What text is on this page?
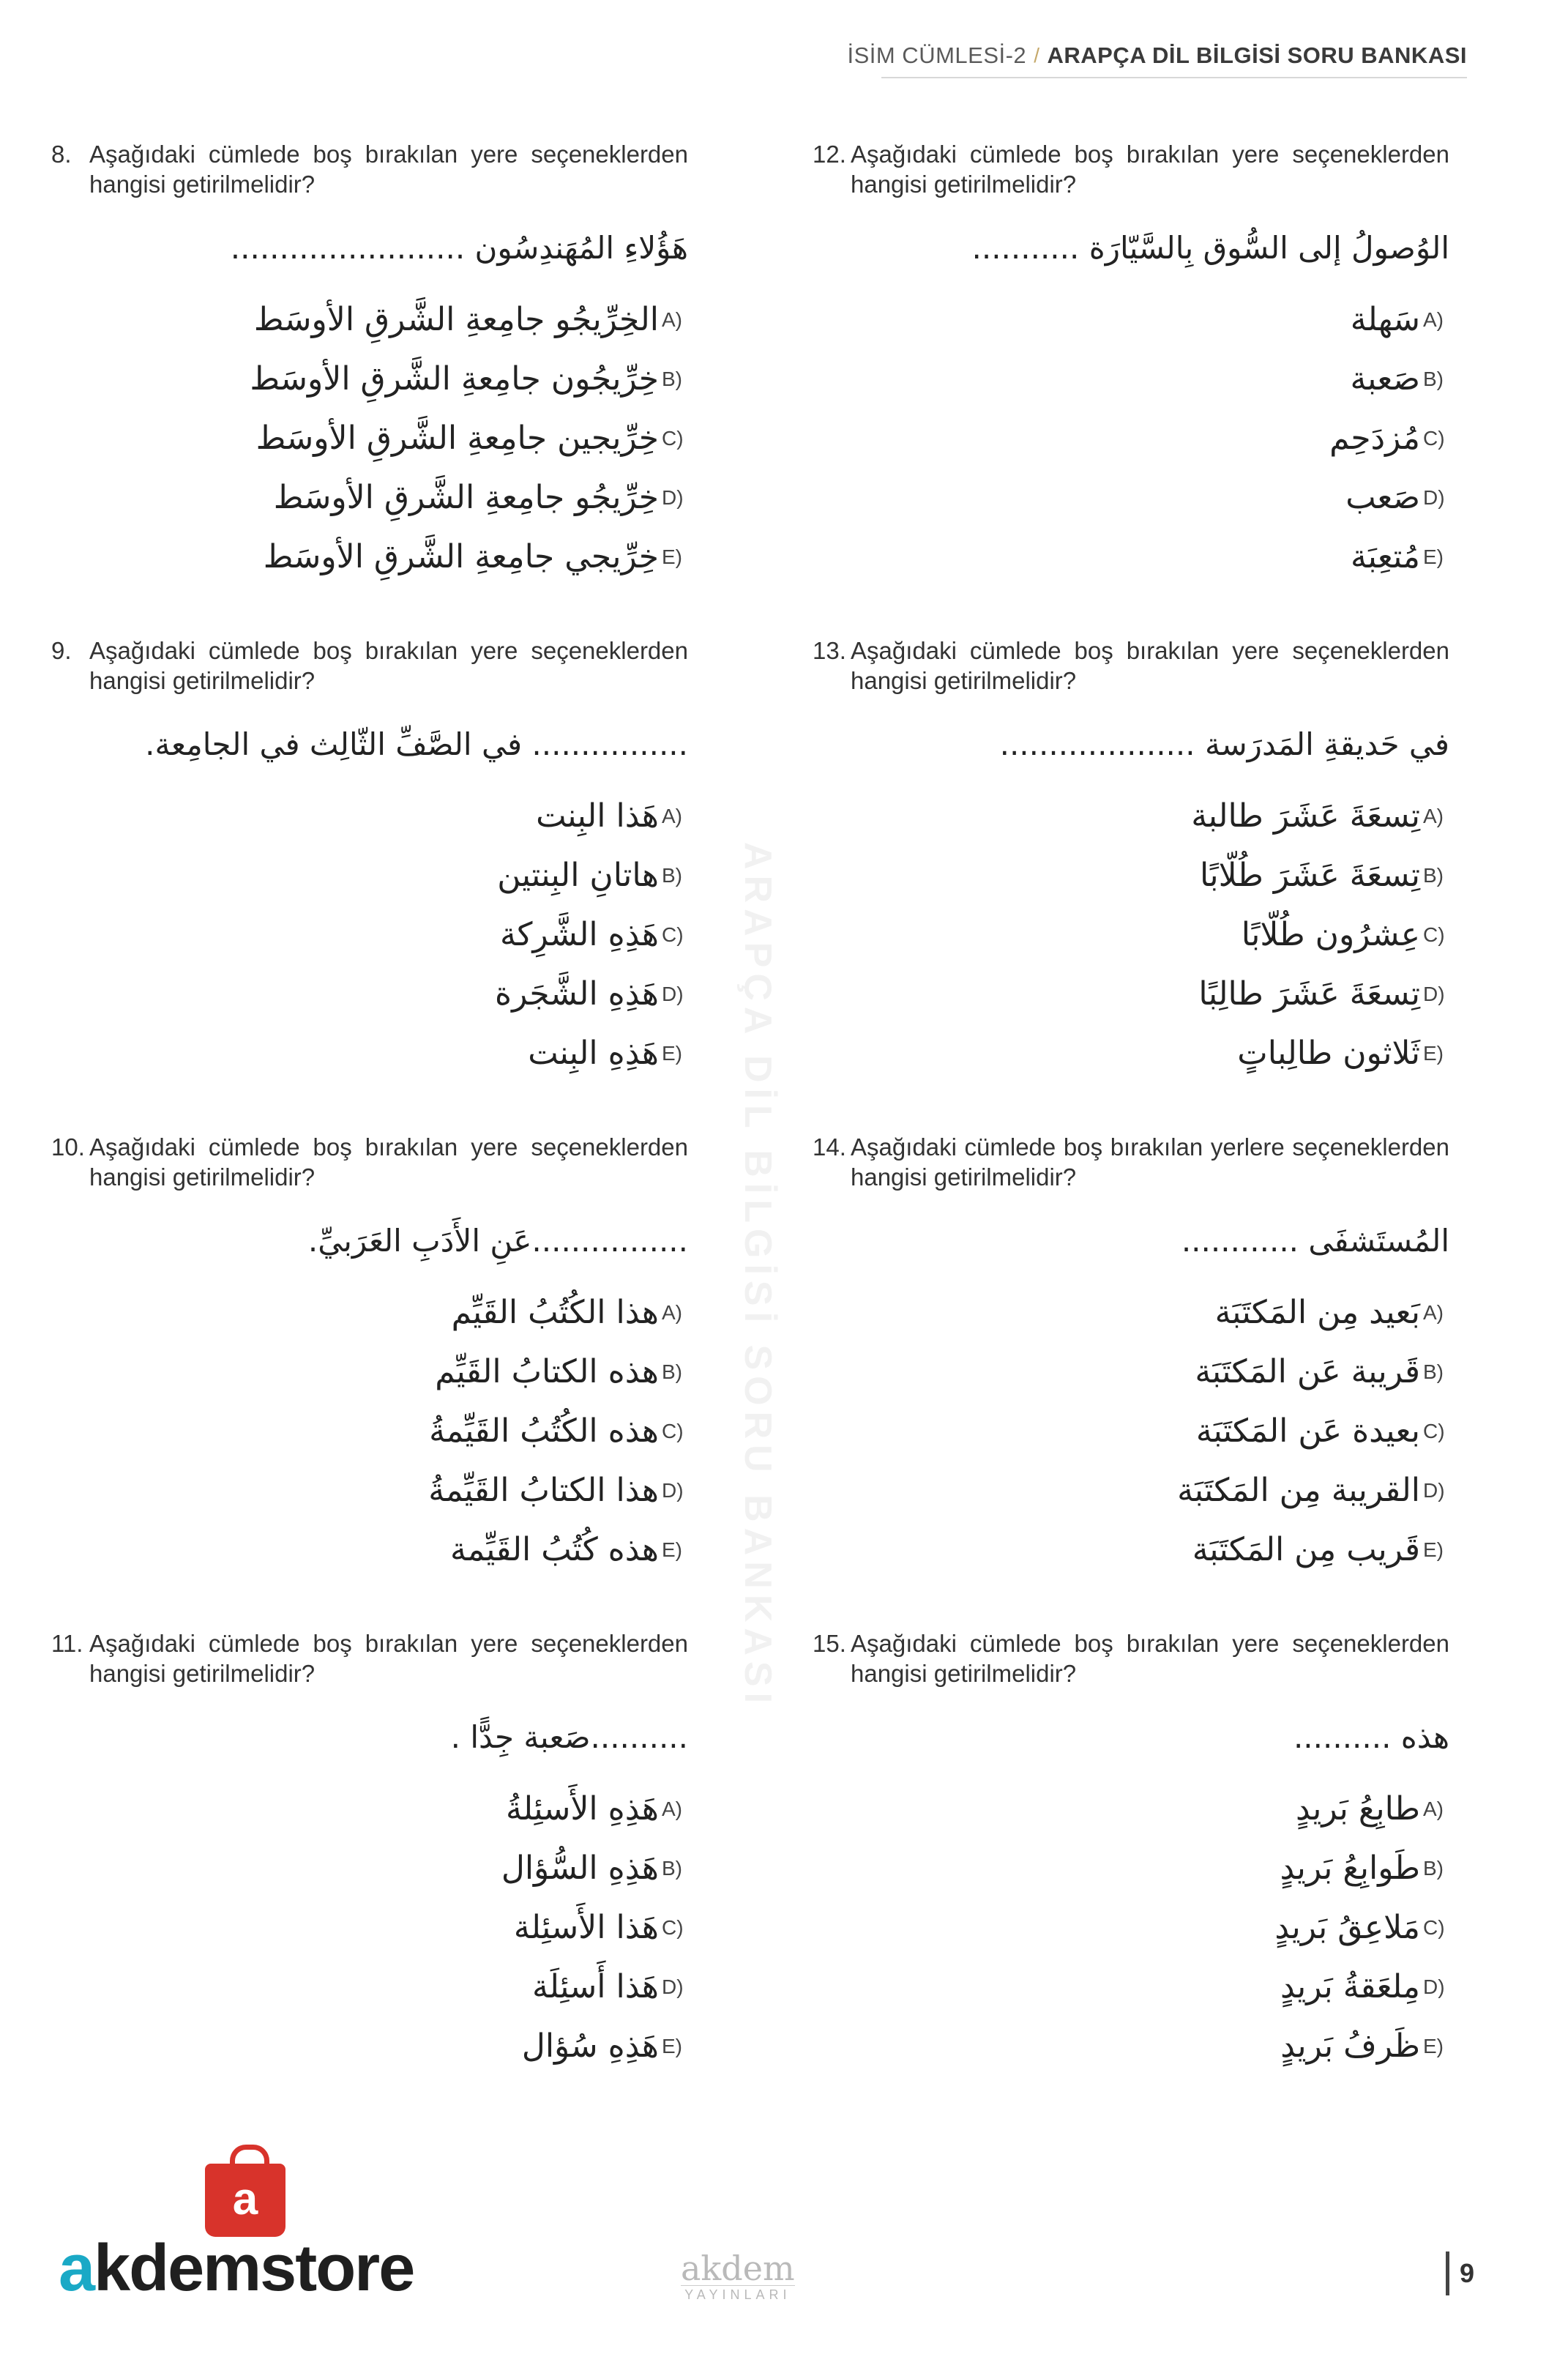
İSİM CÜMLESİ-2 / ARAPÇA DİL BİLGİSİ SORU BANKASI
ARAPÇA DİL BİLGİSİ SORU BANKASI
8. Aşağıdaki cümlede boş bırakılan yere seçeneklerden hangisi getirilmelidir?
هَؤُلاءِ المُهَندِسُون ........................
A)
الخِرِّيجُو جامِعةِ الشَّرقِ الأوسَط
B)
خِرِّيجُون جامِعةِ الشَّرقِ الأوسَط
C)
خِرِّيجين جامِعةِ الشَّرقِ الأوسَط
D)
خِرِّيجُو جامِعةِ الشَّرقِ الأوسَط
E)
خِرِّيجي جامِعةِ الشَّرقِ الأوسَط
9. Aşağıdaki cümlede boş bırakılan yere seçeneklerden hangisi getirilmelidir?
................ في الصَّفِّ الثّالِث في الجامِعة.
A)
هَذا البِنت
B)
هاتانِ البِنتين
C)
هَذِهِ الشَّرِكة
D)
هَذِهِ الشَّجَرة
E)
هَذِهِ البِنت
10. Aşağıdaki cümlede boş bırakılan yere seçeneklerden hangisi getirilmelidir?
................عَنِ الأَدَبِ العَرَبيِّ.
A)
هذا الكُتُبُ القَيِّم
B)
هذه الكتابُ القَيِّم
C)
هذه الكُتُبُ القَيِّمةُ
D)
هذا الكتابُ القَيِّمةُ
E)
هذه كُتُبُ القَيِّمة
11. Aşağıdaki cümlede boş bırakılan yere seçeneklerden hangisi getirilmelidir?
..........صَعبة جِدًّا .
A)
هَذِهِ الأَسئِلةُ
B)
هَذِهِ السُّؤال
C)
هَذا الأَسئِلة
D)
هَذا أَسئِلَة
E)
هَذِهِ سُؤال
12. Aşağıdaki cümlede boş bırakılan yere seçeneklerden hangisi getirilmelidir?
الوُصولُ إلى السُّوق بِالسَّيّارَة ...........
A)
سَهلة
B)
صَعبة
C)
مُزدَحِم
D)
صَعب
E)
مُتعِبَة
13. Aşağıdaki cümlede boş bırakılan yere seçeneklerden hangisi getirilmelidir?
في حَديقةِ المَدرَسة ....................
A)
تِسعَةَ عَشَرَ طالبة
B)
تِسعَةَ عَشَرَ طُلّابًا
C)
عِشرُون طُلّابًا
D)
تِسعَةَ عَشَرَ طالِبًا
E)
ثَلاثون طالِباتٍ
14. Aşağıdaki cümlede boş bırakılan yerlere seçeneklerden hangisi getirilmelidir?
المُستَشفَى ............
A)
بَعيد مِن المَكتَبَة
B)
قَريبة عَن المَكتَبَة
C)
بعيدة عَن المَكتَبَة
D)
القريبة مِن المَكتَبَة
E)
قَريب مِن المَكتَبَة
15. Aşağıdaki cümlede boş bırakılan yere seçeneklerden hangisi getirilmelidir?
هذه ..........
A)
طابِعُ بَريدٍ
B)
طَوابِعُ بَريدٍ
C)
مَلاعِقُ بَريدٍ
D)
مِلعَقةُ بَريدٍ
E)
ظَرفُ بَريدٍ
a
akdemstore	akdem
YAYINLARI
9
